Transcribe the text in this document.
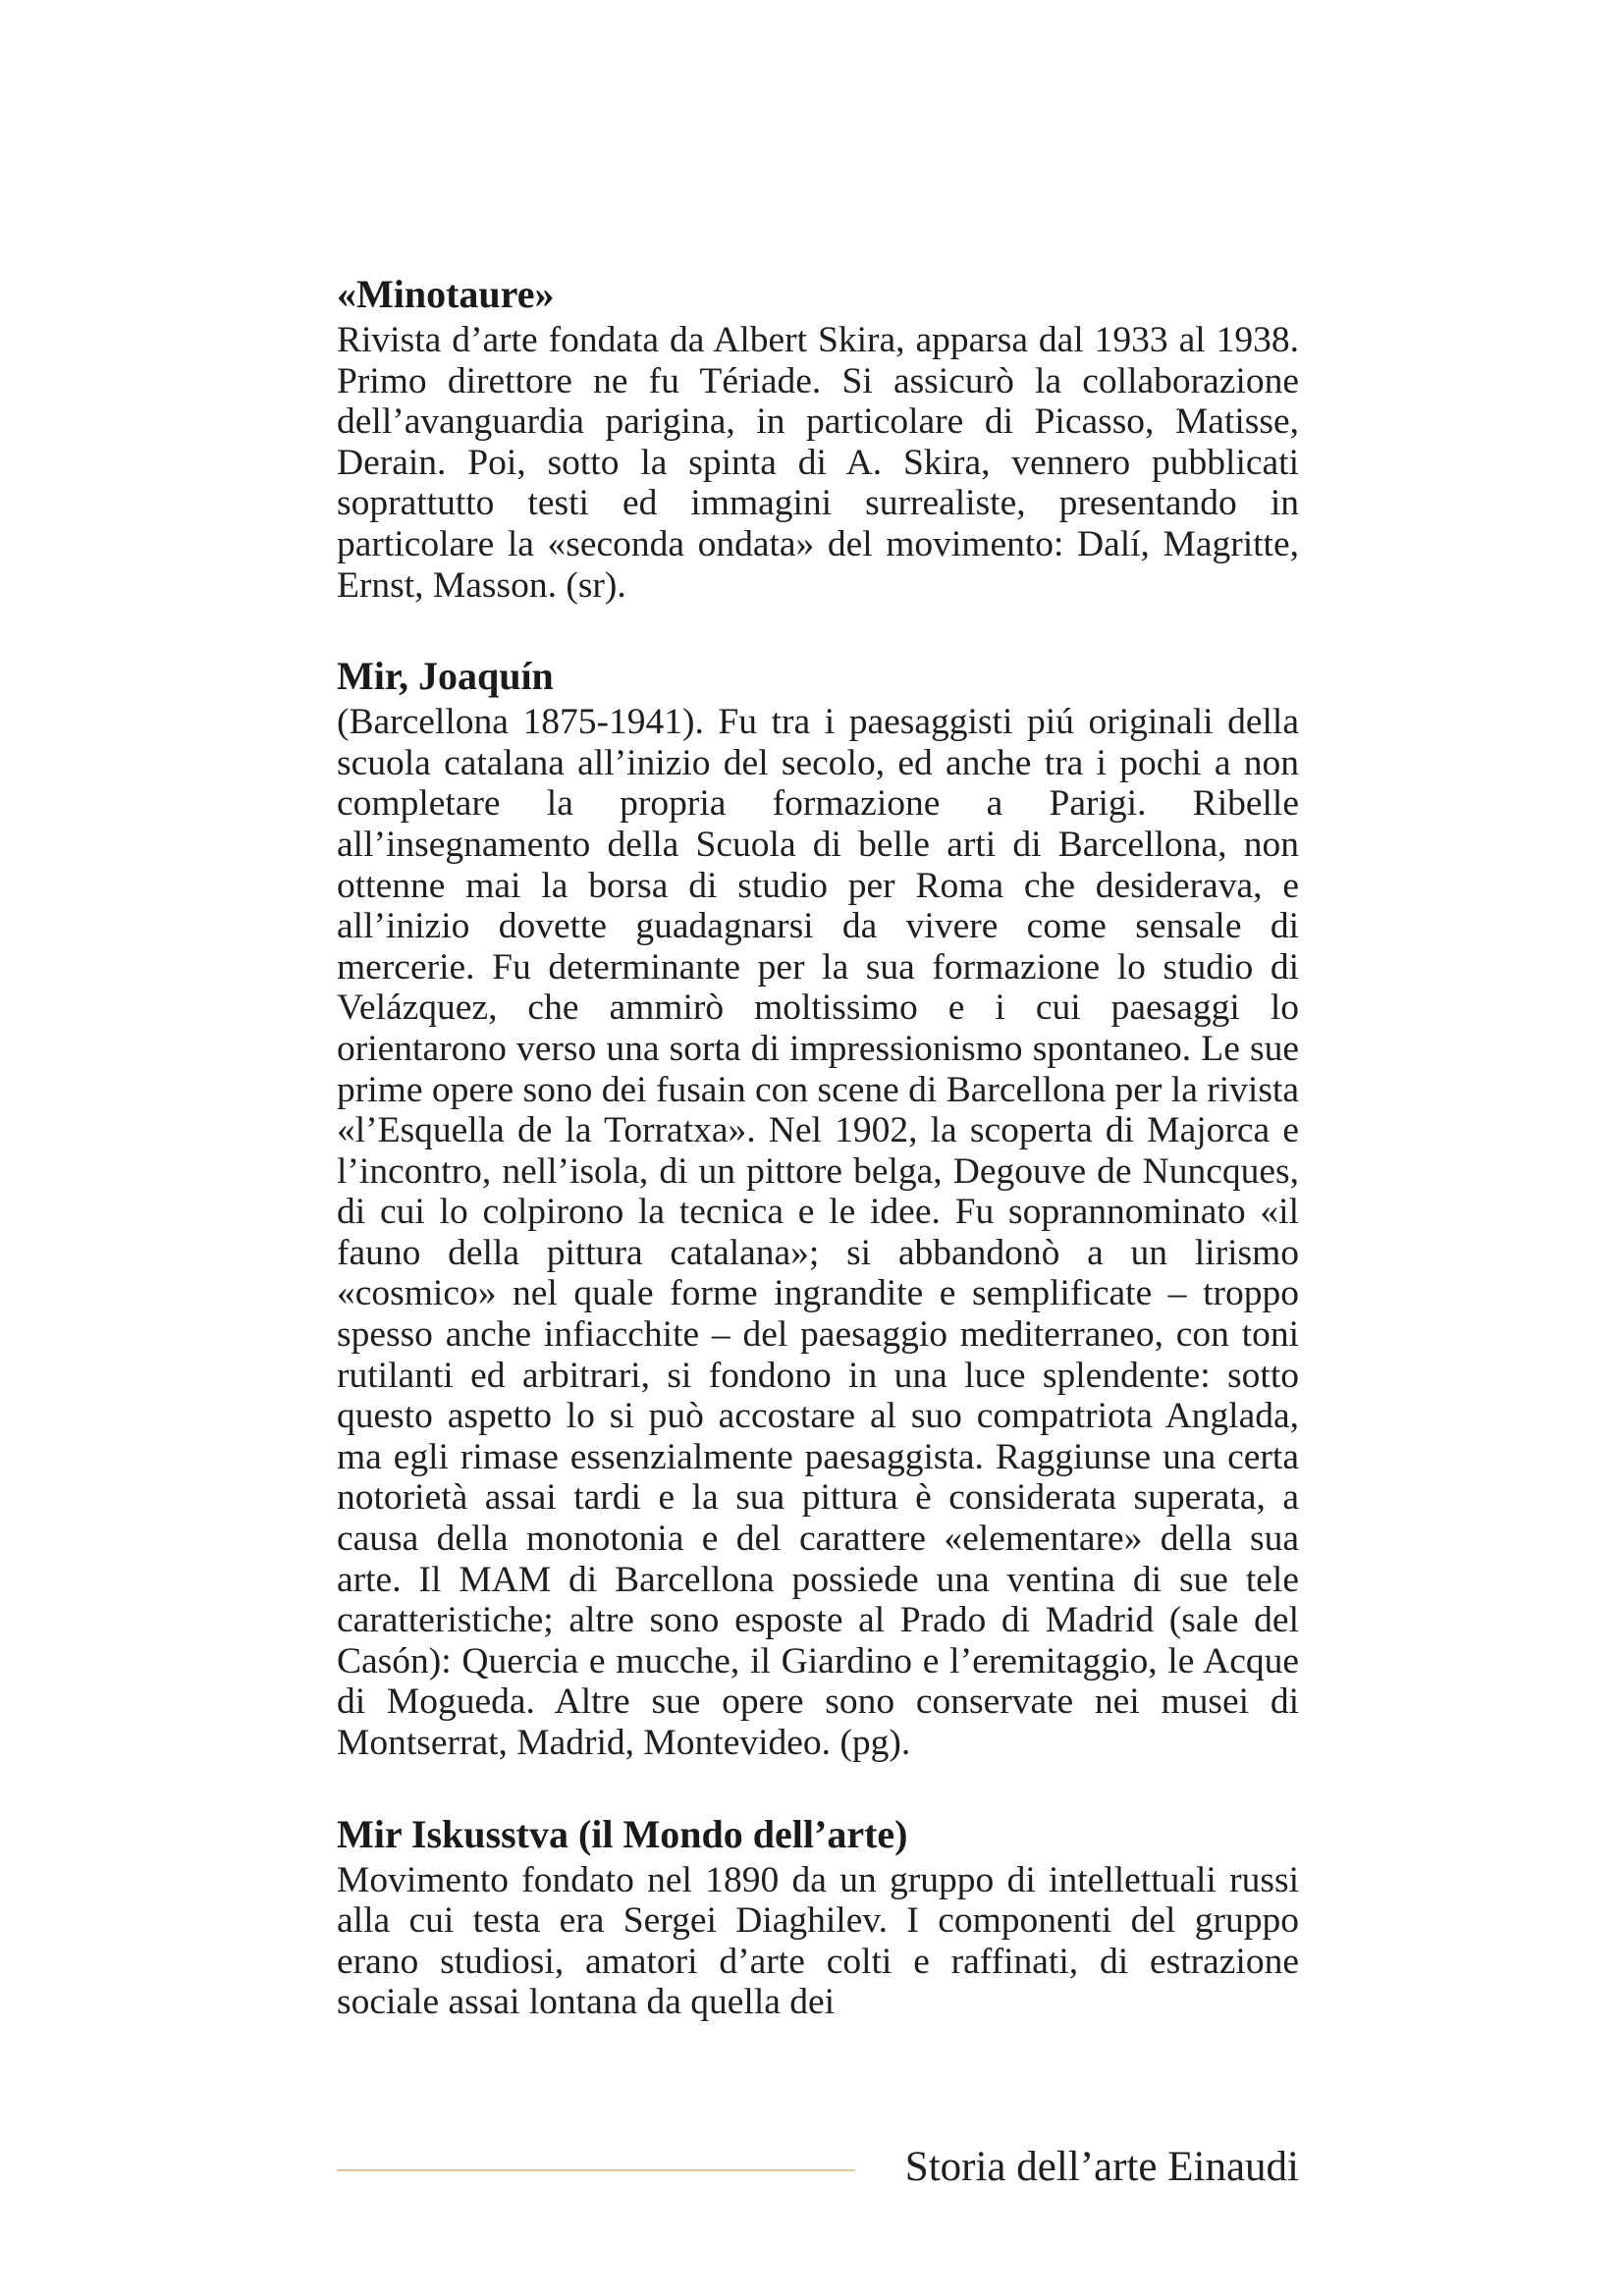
«Minotaure»

Rivista d’arte fondata da Albert Skira, apparsa dal 1933 al 1938. Primo direttore ne fu Tériade. Si assicurò la collaborazione dell’avanguardia parigina, in particolare di Picasso, Matisse, Derain. Poi, sotto la spinta di A. Skira, vennero pubblicati soprattutto testi ed immagini surrealiste, presentando in particolare la «seconda ondata» del movimento: Dalí, Magritte, Ernst, Masson. (sr).

Mir, Joaquín

(Barcellona 1875-1941). Fu tra i paesaggisti piú originali della scuola catalana all’inizio del secolo, ed anche tra i pochi a non completare la propria formazione a Parigi. Ribelle all’insegnamento della Scuola di belle arti di Barcellona, non ottenne mai la borsa di studio per Roma che desiderava, e all’inizio dovette guadagnarsi da vivere come sensale di mercerie. Fu determinante per la sua formazione lo studio di Velázquez, che ammirò moltissimo e i cui paesaggi lo orientarono verso una sorta di impressionismo spontaneo. Le sue prime opere sono dei fusain con scene di Barcellona per la rivista «l’Esquella de la Torratxa». Nel 1902, la scoperta di Majorca e l’incontro, nell’isola, di un pittore belga, Degouve de Nuncques, di cui lo colpirono la tecnica e le idee. Fu soprannominato «il fauno della pittura catalana»; si abbandonò a un lirismo «cosmico» nel quale forme ingrandite e semplificate – troppo spesso anche infiacchite – del paesaggio mediterraneo, con toni rutilanti ed arbitrari, si fondono in una luce splendente: sotto questo aspetto lo si può accostare al suo compatriota Anglada, ma egli rimase essenzialmente paesaggista. Raggiunse una certa notorietà assai tardi e la sua pittura è considerata superata, a causa della monotonia e del carattere «elementare» della sua arte. Il MAM di Barcellona possiede una ventina di sue tele caratteristiche; altre sono esposte al Prado di Madrid (sale del Casón): Quercia e mucche, il Giardino e l’eremitaggio, le Acque di Mogueda. Altre sue opere sono conservate nei musei di Montserrat, Madrid, Montevideo. (pg).

Mir Iskusstva (il Mondo dell’arte)

Movimento fondato nel 1890 da un gruppo di intellettuali russi alla cui testa era Sergei Diaghilev. I componenti del gruppo erano studiosi, amatori d’arte colti e raffinati, di estrazione sociale assai lontana da quella dei

Storia dell’arte Einaudi
